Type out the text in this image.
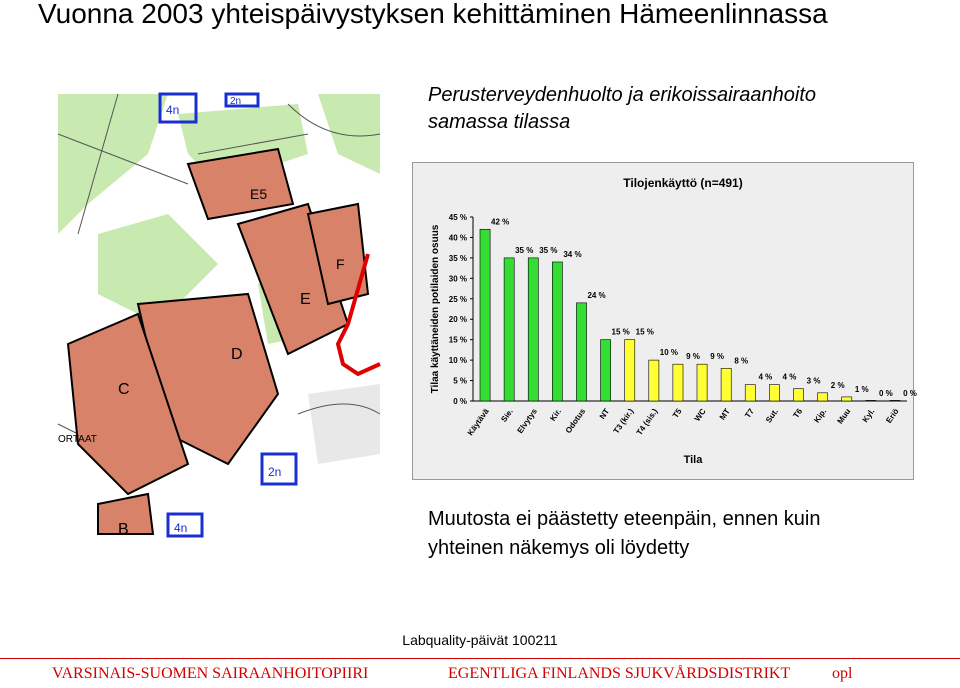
Vuonna 2003 yhteispäivystyksen kehittäminen Hämeenlinnassa
Perusterveydenhuolto ja erikoissairaanhoito
samassa tilassa
E5
F
E
D
C
B
4n
2n
2n
4n
ORTAAT
Tilojenkäyttö (n=491)
Tila
Tilaa käyttäneiden potilaiden osuus
0 %
5 %
10 %
15 %
20 %
25 %
30 %
35 %
40 %
45 %	42 %
Käytävä
35 %
Sie.
35 %
Elvytys
34 %
Kir.
24 %
Odotus
15 %
NT
15 %
T3 (kir.)
10 %
T4 (sis.)
9 %
T5
9 %
WC
8 %
MT
4 %
T7
4 %
Sut.
3 %
T6
2 %
Kip.
1 %
Muu
0 %
Kyl.
0 %
Eriö
Muutosta ei päästetty eteenpäin, ennen kuin
yhteinen näkemys oli löydetty
Labquality-päivät 100211
VARSINAIS-SUOMEN SAIRAANHOITOPIIRI	EGENTLIGA FINLANDS SJUKVÅRDSDISTRIKT	opl
